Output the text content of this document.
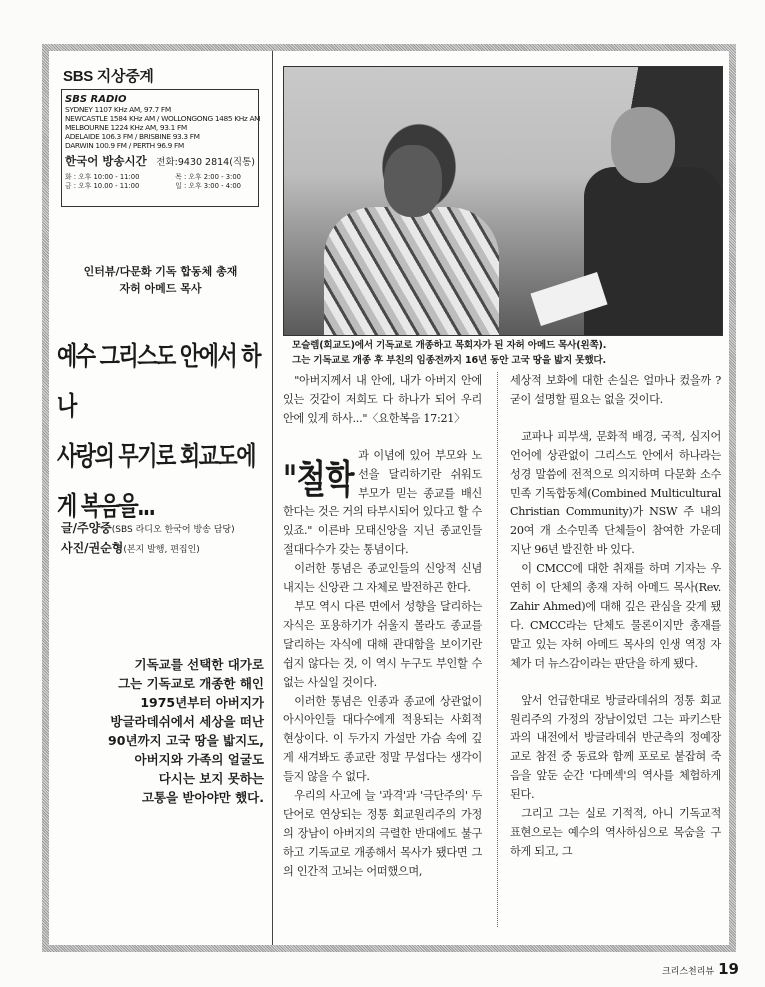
SBS 지상중계
SBS RADIO
SYDNEY 1107 KHz AM, 97.7 FM
NEWCASTLE 1584 KHz AM / WOLLONGONG 1485 KHz AM
MELBOURNE 1224 KHz AM, 93.1 FM
ADELAIDE 106.3 FM / BRISBINE 93.3 FM
DARWIN 100.9 FM / PERTH 96.9 FM
한국어 방송시간 전화:9430 2814(직통)
화 : 오후 10:00 - 11:00
금 : 오후 10.00 - 11:00
목 : 오후 2:00 - 3:00
일 : 오후 3:00 - 4:00
인터뷰/다문화 기독 합동체 총재
자허 아메드 목사
예수 그리스도 안에서 하나
사랑의 무기로 회교도에게 복음을...
글/주양중(SBS 라디오 한국어 방송 담당)
사진/권순형(본지 발행, 편집인)
기독교를 선택한 대가로
그는 기독교로 개종한 해인
1975년부터 아버지가
방글라데쉬에서 세상을 떠난
90년까지 고국 땅을 밟지도,
아버지와 가족의 얼굴도
다시는 보지 못하는
고통을 받아야만 했다.
모슬렘(회교도)에서 기독교로 개종하고 목회자가 된 자허 아메드 목사(왼쪽).
그는 기독교로 개종 후 부친의 임종전까지 16년 동안 고국 땅을 밟지 못했다.

"아버지께서 내 안에, 내가 아버지 안에 있는 것같이 저희도 다 하나가 되어 우리 안에 있게 하사..."〈요한복음 17:21〉

"철학
과 이념에 있어 부모와 노선을 달리하기란 쉬워도 부모가 믿는 종교를 배신한다는 것은 거의 타부시되어 있다고 할 수 있죠." 이른바 모태신앙을 지닌 종교인들 절대다수가 갖는 통념이다.

이러한 통념은 종교인들의 신앙적 신념 내지는 신앙관 그 자체로 발전하곤 한다.

부모 역시 다른 면에서 성향을 달리하는 자식은 포용하기가 쉬울지 몰라도 종교를 달리하는 자식에 대해 관대함을 보이기란 쉽지 않다는 것, 이 역시 누구도 부인할 수 없는 사실일 것이다.

이러한 통념은 인종과 종교에 상관없이 아시아인들 대다수에게 적용되는 사회적 현상이다. 이 두가지 가설만 가슴 속에 깊게 새겨봐도 종교란 정말 무섭다는 생각이 들지 않을 수 없다.

우리의 사고에 늘 '과격'과 '극단주의' 두 단어로 연상되는 정통 회교원리주의 가정의 장남이 아버지의 극렬한 반대에도 불구하고 기독교로 개종해서 목사가 됐다면 그의 인간적 고뇌는 어떠했으며,

세상적 보화에 대한 손실은 얼마나 컸을까 ? 굳이 설명할 필요는 없을 것이다.

교파나 피부색, 문화적 배경, 국적, 심지어 언어에 상관없이 그리스도 안에서 하나라는 성경 말씀에 전적으로 의지하며 다문화 소수민족 기독합동체(Combined Multicultural Christian Community)가 NSW 주 내의 20여 개 소수민족 단체들이 참여한 가운데 지난 96년 발진한 바 있다.

이 CMCC에 대한 취재를 하며 기자는 우연히 이 단체의 총재 자허 아메드 목사(Rev. Zahir Ahmed)에 대해 깊은 관심을 갖게 됐다. CMCC라는 단체도 물론이지만 총재를 맡고 있는 자허 아메드 목사의 인생 역정 자체가 더 뉴스감이라는 판단을 하게 됐다.

앞서 언급한대로 방글라데쉬의 정통 회교원리주의 가정의 장남이었던 그는 파키스탄과의 내전에서 방글라데쉬 반군측의 정예장교로 참전 중 동료와 함께 포로로 붙잡혀 죽음을 앞둔 순간 '다메섹'의 역사를 체험하게 된다.

그리고 그는 실로 기적적, 아니 기독교적 표현으로는 예수의 역사하심으로 목숨을 구하게 되고, 그

크리스천리뷰 19
